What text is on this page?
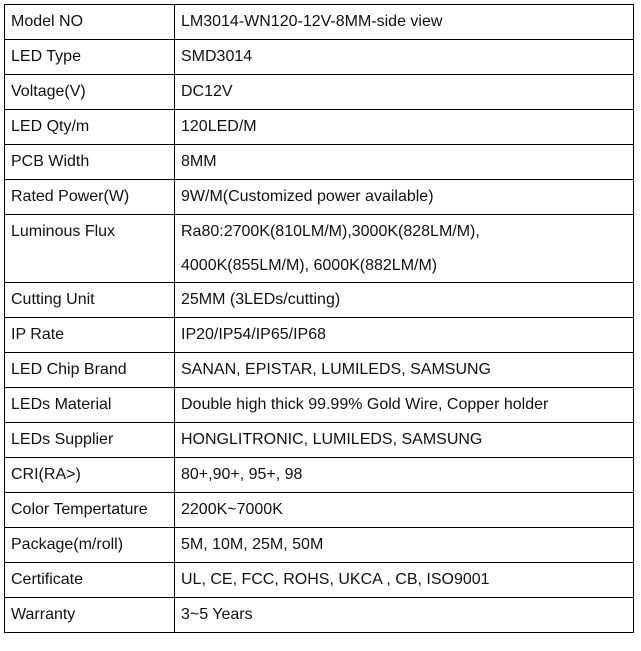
Model NO	LM3014-WN120-12V-8MM-side view
LED Type	SMD3014
Voltage(V)	DC12V
LED Qty/m	120LED/M
PCB Width	8MM
Rated Power(W)	9W/M(Customized power available)
Luminous Flux	Ra80:2700K(810LM/M),3000K(828LM/M),
4000K(855LM/M), 6000K(882LM/M)

Cutting Unit	25MM (3LEDs/cutting)
IP Rate	IP20/IP54/IP65/IP68
LED Chip Brand	SANAN, EPISTAR, LUMILEDS, SAMSUNG
LEDs Material	Double high thick 99.99% Gold Wire, Copper holder
LEDs Supplier	HONGLITRONIC, LUMILEDS, SAMSUNG
CRI(RA>)	80+,90+, 95+, 98
Color Tempertature	2200K~7000K
Package(m/roll)	5M, 10M, 25M, 50M
Certificate	UL, CE, FCC, ROHS, UKCA , CB, ISO9001
Warranty	3~5 Years
